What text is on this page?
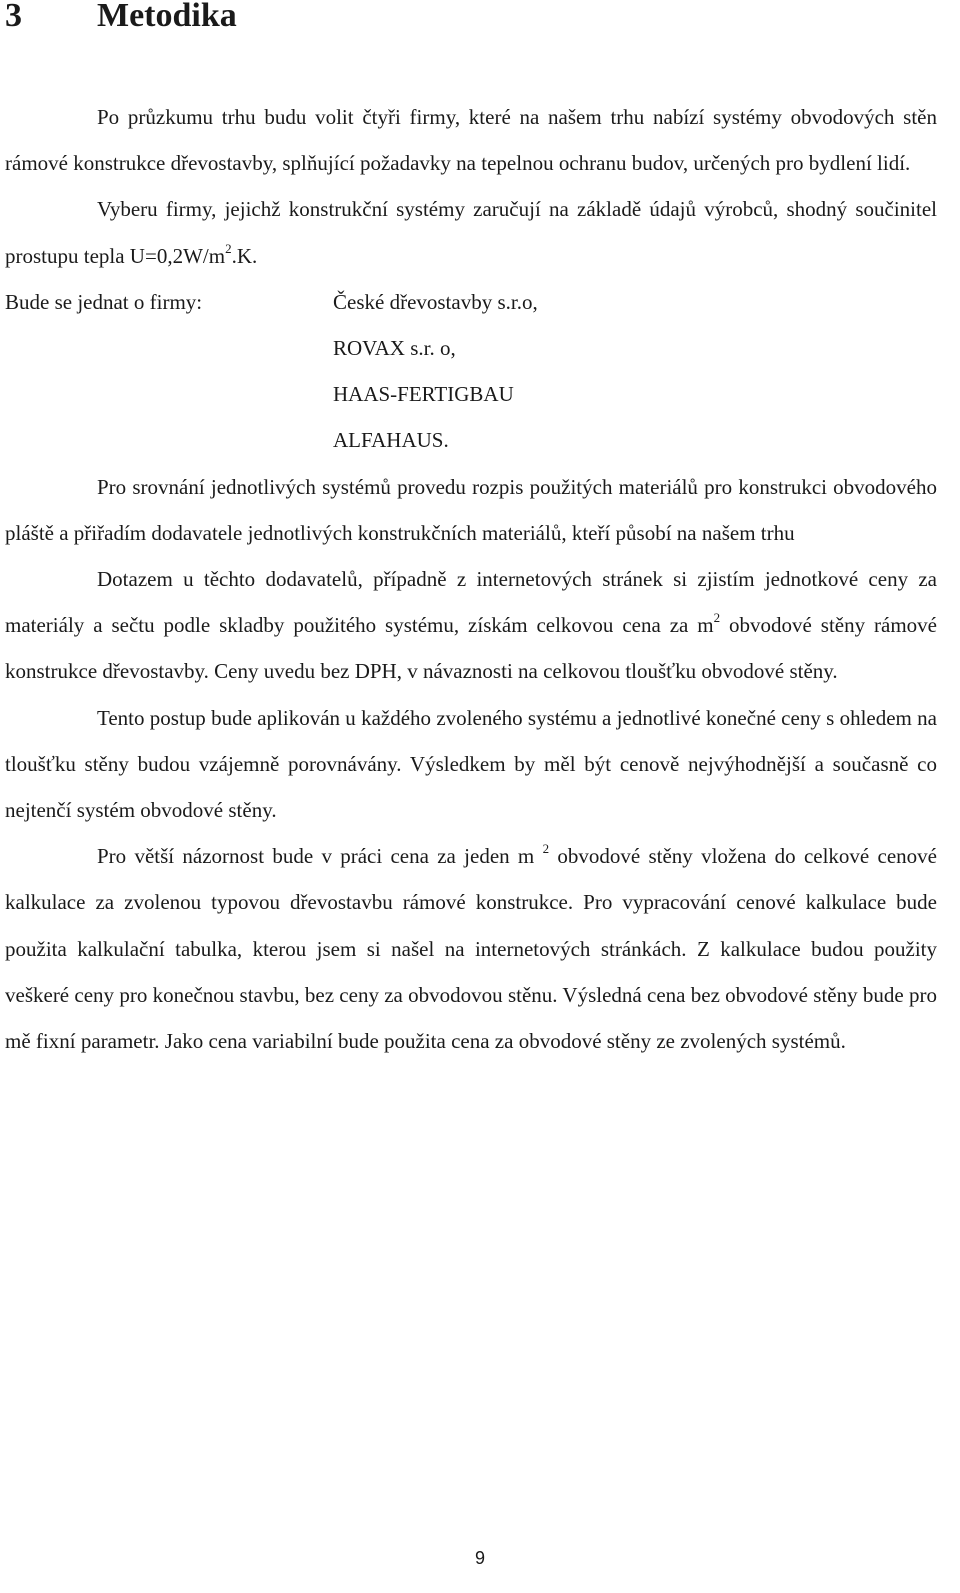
3 Metodika

Po průzkumu trhu budu volit čtyři firmy, které na našem trhu nabízí systémy obvodových stěn rámové konstrukce dřevostavby, splňující požadavky na tepelnou ochranu budov, určených pro bydlení lidí.

Vyberu firmy, jejichž konstrukční systémy zaručují na základě údajů výrobců, shodný součinitel prostupu tepla $U=0,2W/m^2.K$.

Bude se jednat o firmy:	České dřevostavby s.r.o,
ROVAX s.r. o,
HAAS-FERTIGBAU
ALFAHAUS.

Pro srovnání jednotlivých systémů provedu rozpis použitých materiálů pro konstrukci obvodového pláště a přiřadím dodavatele jednotlivých konstrukčních materiálů, kteří působí na našem trhu

Dotazem u těchto dodavatelů, případně z internetových stránek si zjistím jednotkové ceny za materiály a sečtu podle skladby použitého systému, získám celkovou cena za $m^2$ obvodové stěny rámové konstrukce dřevostavby. Ceny uvedu bez DPH, v návaznosti na celkovou tloušťku obvodové stěny.

Tento postup bude aplikován u každého zvoleného systému a jednotlivé konečné ceny s ohledem na tloušťku stěny budou vzájemně porovnávány. Výsledkem by měl být cenově nejvýhodnější a současně co nejtenčí systém obvodové stěny.

Pro větší názornost bude v práci cena za jeden m $^2$ obvodové stěny vložena do celkové cenové kalkulace za zvolenou typovou dřevostavbu rámové konstrukce. Pro vypracování cenové kalkulace bude použita kalkulační tabulka, kterou jsem si našel na internetových stránkách. Z kalkulace budou použity veškeré ceny pro konečnou stavbu, bez ceny za obvodovou stěnu. Výsledná cena bez obvodové stěny bude pro mě fixní parametr. Jako cena variabilní bude použita cena za obvodové stěny ze zvolených systémů.

9
